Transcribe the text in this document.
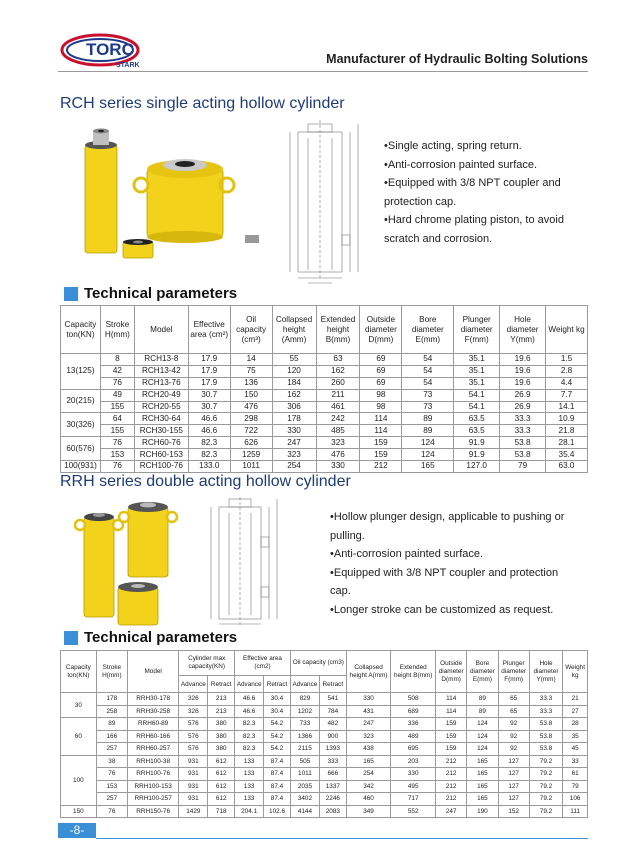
TORC
STARK	Manufacturer of Hydraulic Bolting Solutions
RCH series single acting hollow cylinder
•Single acting, spring return.
•Anti-corrosion painted surface.
•Equipped with 3/8 NPT coupler and
protection cap.
•Hard chrome plating piston, to avoid
scratch and corrosion.
Technical parameters
Capacity ton(KN)	Stroke H(mm)	Model	Effective area (cm²)	Oil capacity (cm³)	Collapsed height (Amm)	Extended height B(mm)	Outside diameter D(mm)	Bore diameter E(mm)	Plunger diameter F(mm)	Hole diameter Y(mm)	Weight kg
13(125)	8	RCH13-8	17.9	14	55	63	69	54	35.1	19.6	1.5
	42	RCH13-42	17.9	75	120	162	69	54	35.1	19.6	2.8
	76	RCH13-76	17.9	136	184	260	69	54	35.1	19.6	4.4
20(215)	49	RCH20-49	30.7	150	162	211	98	73	54.1	26.9	7.7
	155	RCH20-55	30.7	476	306	461	98	73	54.1	26.9	14.1
30(326)	64	RCH30-64	46.6	298	178	242	114	89	63.5	33.3	10.9
	155	RCH30-155	46.6	722	330	485	114	89	63.5	33.3	21.8
60(576)	76	RCH60-76	82.3	626	247	323	159	124	91.9	53.8	28.1
	153	RCH60-153	82.3	1259	323	476	159	124	91.9	53.8	35.4
100(931)	76	RCH100-76	133.0	1011	254	330	212	165	127.0	79	63.0
RRH series double acting hollow cylinder
•Hollow plunger design, applicable to pushing or
pulling.
•Anti-corrosion painted surface.
•Equipped with 3/8 NPT coupler and protection
cap.
•Longer stroke can be customized as request.
Technical parameters
Capacity ton(KN)	Stroke H(mm)	Model	Cylinder max capacity(KN)		Effective area (cm2)		Oil capacity (cm3)		Collapsed height A(mm)	Extended height B(mm)	Outside diameter D(mm)	Bore diameter E(mm)	Plunger diameter F(mm)	Hole diameter Y(mm)	Weight kg
			Advance	Retract	Advance	Retract	Advance	Retract							
30	178	RRH30-178	326	213	46.6	30.4	829	541	330	508	114	89	65	33.3	21
	258	RRH30-258	326	213	46.6	30.4	1202	784	431	689	114	89	65	33.3	27
60	89	RRH60-89	576	380	82.3	54.2	733	482	247	336	159	124	92	53.8	28
	166	RRH60-166	576	380	82.3	54.2	1366	900	323	489	159	124	92	53.8	35
	257	RRH60-257	576	380	82.3	54.2	2115	1393	438	695	159	124	92	53.8	45
100	38	RRH100-38	931	612	133	87.4	505	333	165	203	212	165	127	79.2	33
	76	RRH100-76	931	612	133	87.4	1011	666	254	330	212	165	127	79.2	61
	153	RRH100-153	931	612	133	87.4	2035	1337	342	495	212	165	127	79.2	79
	257	RRH100-257	931	612	133	87.4	3402	2246	460	717	212	165	127	79.2	106
150	76	RRH150-76	1429	718	204.1	102.6	4144	2083	349	552	247	190	152	79.2	111
-8-
